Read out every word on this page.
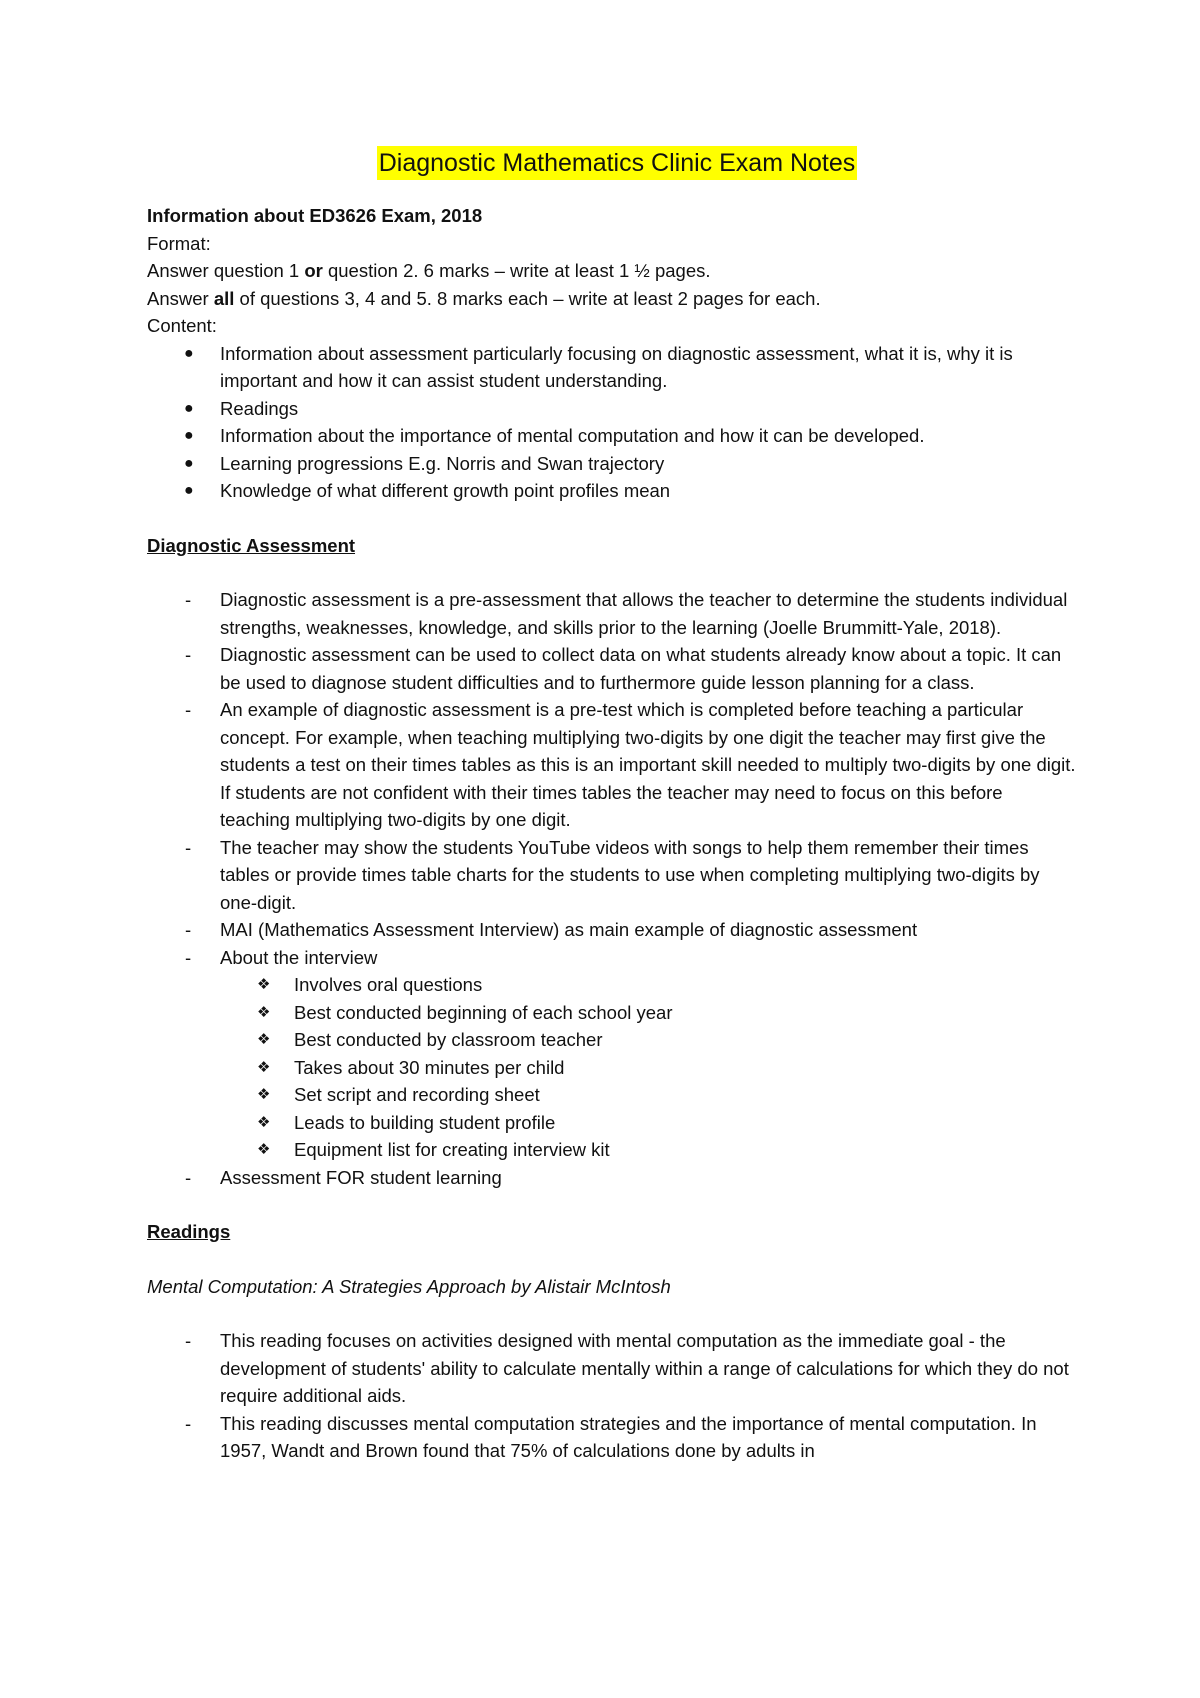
Diagnostic Mathematics Clinic Exam Notes

Information about ED3626 Exam, 2018

Format:

Answer question 1 or question 2. 6 marks – write at least 1 ½ pages.

Answer all of questions 3, 4 and 5. 8 marks each – write at least 2 pages for each.

Content:

● Information about assessment particularly focusing on diagnostic assessment, what it is, why it is important and how it can assist student understanding.
● Readings
● Information about the importance of mental computation and how it can be developed.
● Learning progressions E.g. Norris and Swan trajectory
● Knowledge of what different growth point profiles mean

Diagnostic Assessment

- Diagnostic assessment is a pre-assessment that allows the teacher to determine the students individual strengths, weaknesses, knowledge, and skills prior to the learning (Joelle Brummitt-Yale, 2018).
- Diagnostic assessment can be used to collect data on what students already know about a topic. It can be used to diagnose student difficulties and to furthermore guide lesson planning for a class.
- An example of diagnostic assessment is a pre-test which is completed before teaching a particular concept. For example, when teaching multiplying two-digits by one digit the teacher may first give the students a test on their times tables as this is an important skill needed to multiply two-digits by one digit. If students are not confident with their times tables the teacher may need to focus on this before teaching multiplying two-digits by one digit.
- The teacher may show the students YouTube videos with songs to help them remember their times tables or provide times table charts for the students to use when completing multiplying two-digits by one-digit.
- MAI (Mathematics Assessment Interview) as main example of diagnostic assessment
- About the interview
❖ Involves oral questions
❖ Best conducted beginning of each school year
❖ Best conducted by classroom teacher
❖ Takes about 30 minutes per child
❖ Set script and recording sheet
❖ Leads to building student profile
❖ Equipment list for creating interview kit
- Assessment FOR student learning

Readings

Mental Computation: A Strategies Approach by Alistair McIntosh

- This reading focuses on activities designed with mental computation as the immediate goal - the development of students' ability to calculate mentally within a range of calculations for which they do not require additional aids.
- This reading discusses mental computation strategies and the importance of mental computation. In 1957, Wandt and Brown found that 75% of calculations done by adults in
